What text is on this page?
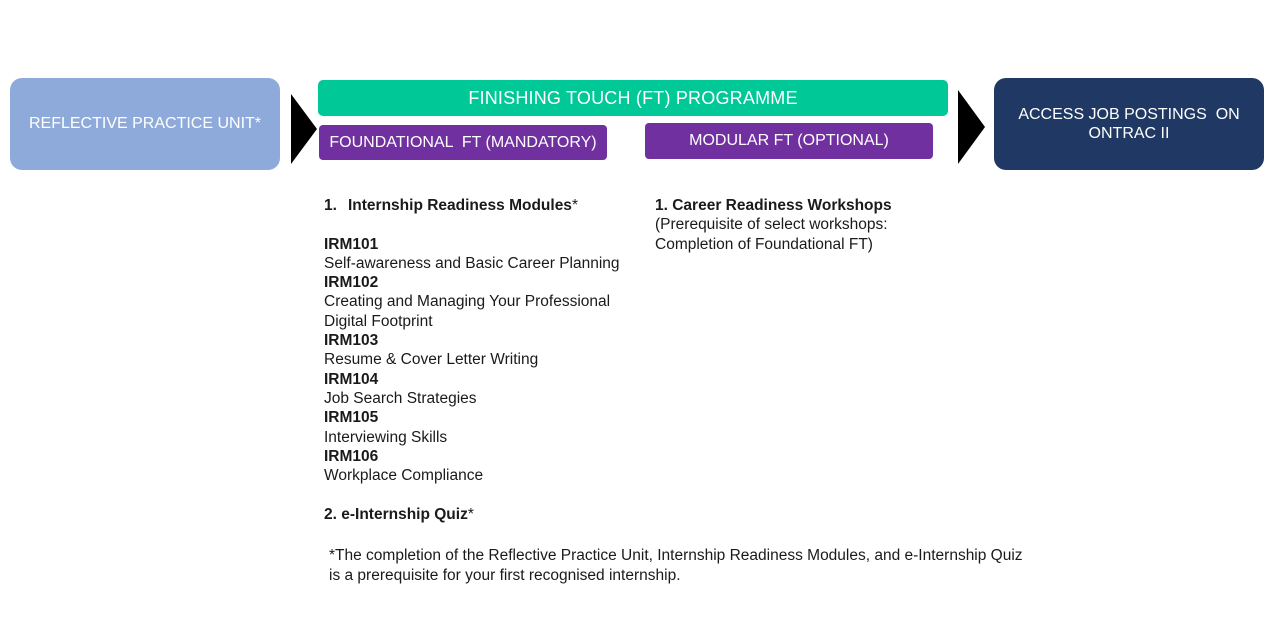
REFLECTIVE PRACTICE UNIT*
FINISHING TOUCH (FT) PROGRAMME
FOUNDATIONAL  FT (MANDATORY)	MODULAR FT (OPTIONAL)
ACCESS JOB POSTINGS  ON ONTRAC II
1. Internship Readiness Modules*
IRM101
Self-awareness and Basic Career Planning
IRM102
Creating and Managing Your Professional
Digital Footprint
IRM103
Resume & Cover Letter Writing
IRM104
Job Search Strategies
IRM105
Interviewing Skills
IRM106
Workplace Compliance
2. e-Internship Quiz*
1. Career Readiness Workshops
(Prerequisite of select workshops:
Completion of Foundational FT)
*The completion of the Reflective Practice Unit, Internship Readiness Modules, and e-Internship Quiz
is a prerequisite for your first recognised internship.
